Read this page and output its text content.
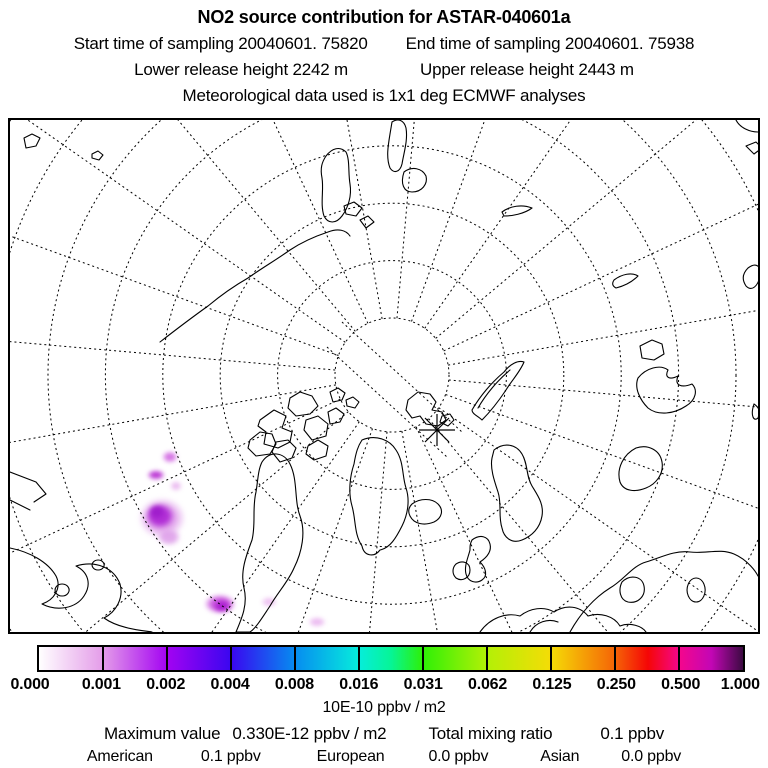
NO2 source contribution for ASTAR-040601a
Start time of sampling 20040601. 75820 End time of sampling 20040601. 75938
Lower release height 2242 m	Upper release height 2443 m
Meteorological data used is 1x1 deg ECMWF analyses
0.000 0.001 0.002 0.004 0.008 0.016 0.031 0.062 0.125 0.250 0.500 1.000
10E-10 ppbv / m2
Maximum value 0.330E-12 ppbv / m2 Total mixing ratio	0.1 ppbv
American	0.1 ppbv	European	0.0 ppbv	Asian	0.0 ppbv
